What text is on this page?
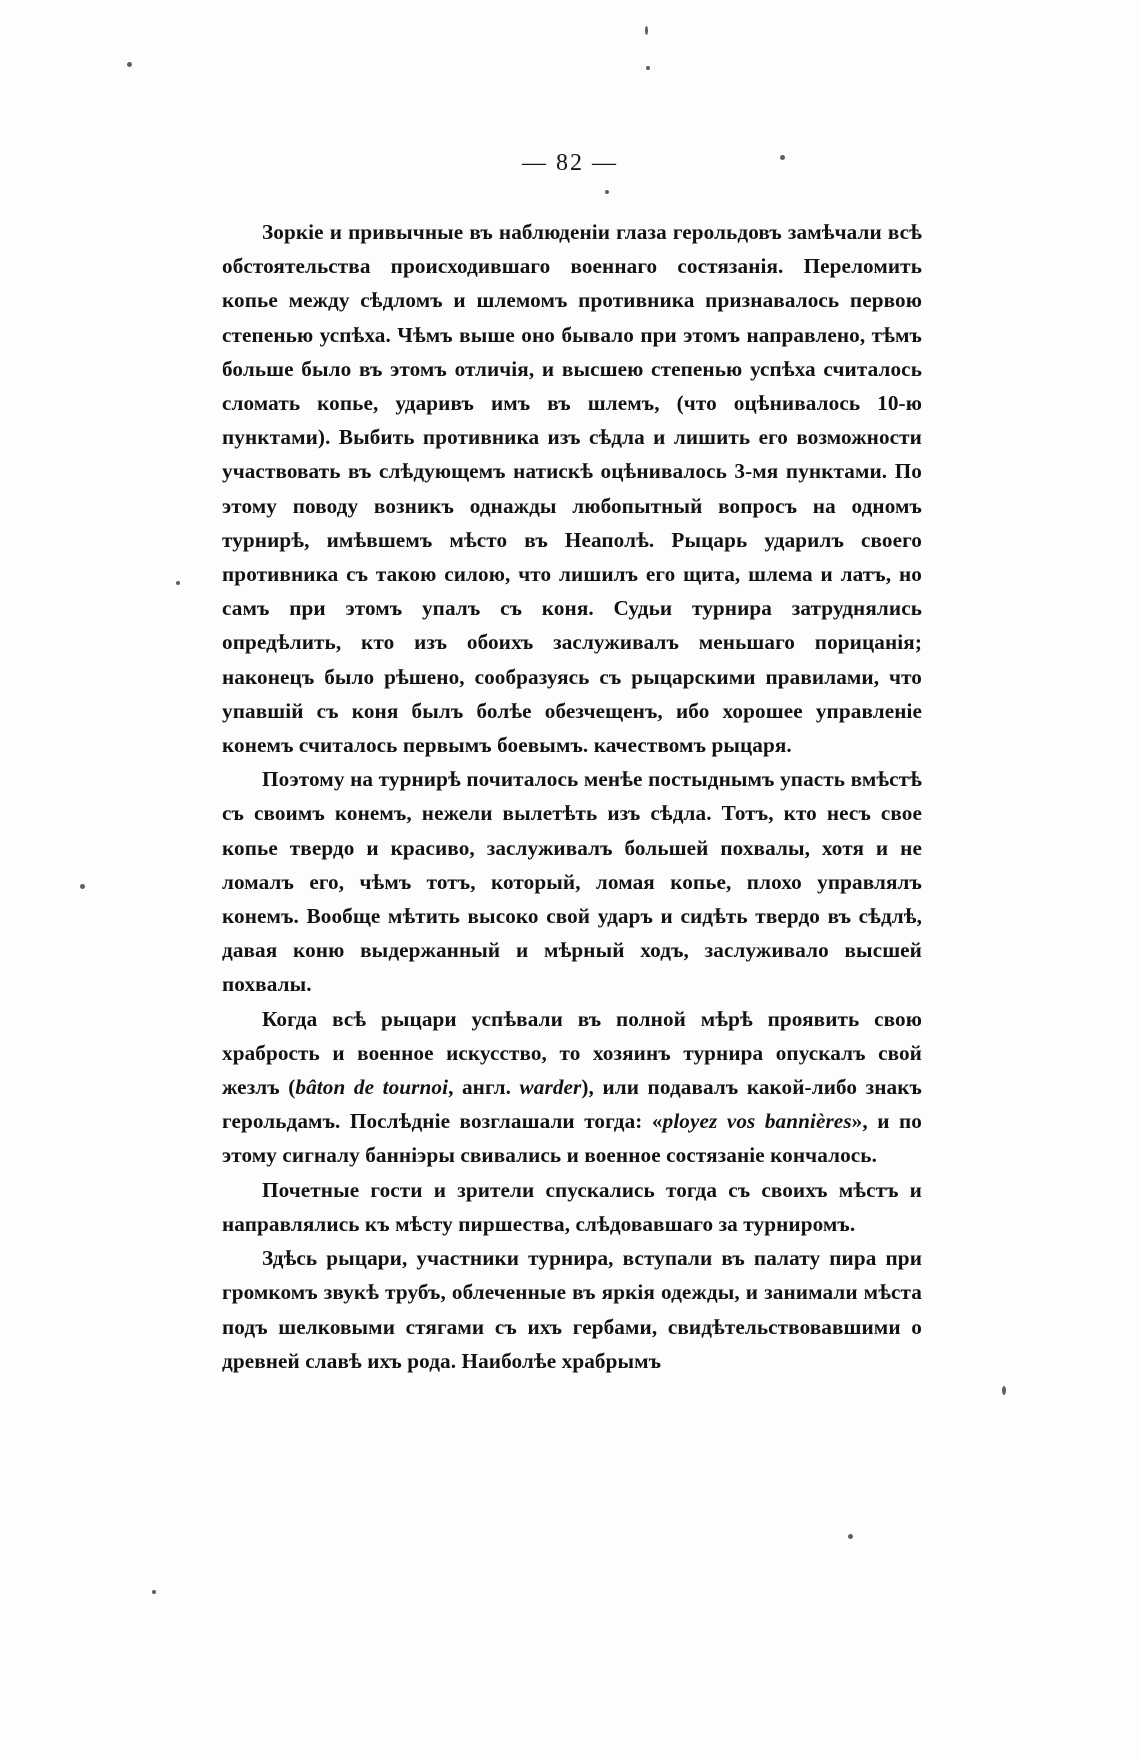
— 82 —

Зоркіе и привычные въ наблюденіи глаза герольдовъ замѣчали всѣ обстоятельства происходившаго военнаго состязанія. Переломить копье между сѣдломъ и шлемомъ противника признавалось первою степенью успѣха. Чѣмъ выше оно бывало при этомъ направлено, тѣмъ больше было въ этомъ отличія, и высшею степенью успѣха считалось сломать копье, ударивъ имъ въ шлемъ, (что оцѣнивалось 10-ю пунктами). Выбить противника изъ сѣдла и лишить его возможности участвовать въ слѣдующемъ натискѣ оцѣнивалось 3-мя пунктами. По этому поводу возникъ однажды любопытный вопросъ на одномъ турнирѣ, имѣвшемъ мѣсто въ Неаполѣ. Рыцарь ударилъ своего противника съ такою силою, что лишилъ его щита, шлема и латъ, но самъ при этомъ упалъ съ коня. Судьи турнира затруднялись опредѣлить, кто изъ обоихъ заслуживалъ меньшаго порицанія; наконецъ было рѣшено, сообразуясь съ рыцарскими правилами, что упавшій съ коня былъ болѣе обезчещенъ, ибо хорошее управленіе конемъ считалось первымъ боевымъ. качествомъ рыцаря.

Поэтому на турнирѣ почиталось менѣе постыднымъ упасть вмѣстѣ съ своимъ конемъ, нежели вылетѣть изъ сѣдла. Тотъ, кто несъ свое копье твердо и красиво, заслуживалъ большей похвалы, хотя и не ломалъ его, чѣмъ тотъ, который, ломая копье, плохо управлялъ конемъ. Вообще мѣтить высоко свой ударъ и сидѣть твердо въ сѣдлѣ, давая коню выдержанный и мѣрный ходъ, заслуживало высшей похвалы.

Когда всѣ рыцари успѣвали въ полной мѣрѣ проявить свою храбрость и военное искусство, то хозяинъ турнира опускалъ свой жезлъ (bâton de tournoi, англ. warder), или подавалъ какой-либо знакъ герольдамъ. Послѣдніе возглашали тогда: «ployez vos bannières», и по этому сигналу банніэры свивались и военное состязаніе кончалось.

Почетные гости и зрители спускались тогда съ своихъ мѣстъ и направлялись къ мѣсту пиршества, слѣдовавшаго за турниромъ.

Здѣсь рыцари, участники турнира, вступали въ палату пира при громкомъ звукѣ трубъ, облеченные въ яркія одежды, и занимали мѣста подъ шелковыми стягами съ ихъ гербами, свидѣтельствовавшими о древней славѣ ихъ рода. Наиболѣе храбрымъ
